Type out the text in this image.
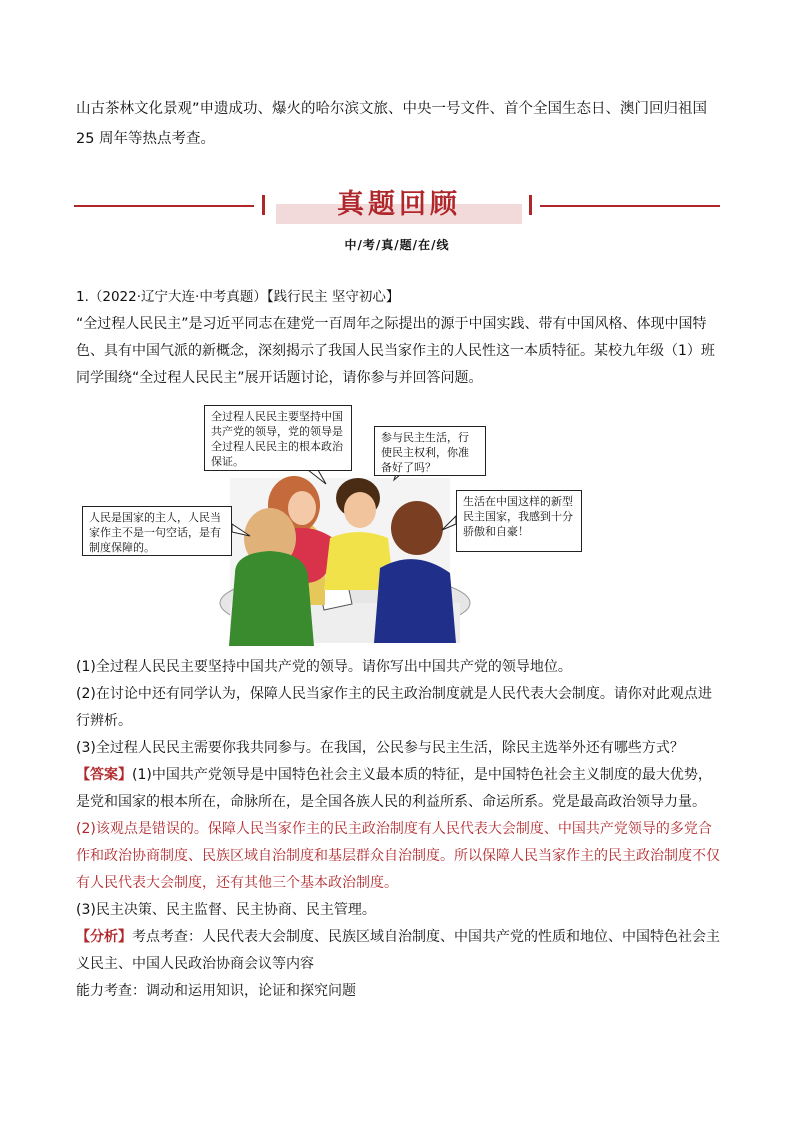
山古茶林文化景观”申遗成功、爆火的哈尔滨文旅、中央一号文件、首个全国生态日、澳门回归祖国 25 周年等热点考查。
真题回顾
中/考/真/题/在/线
1.（2022·辽宁大连·中考真题）【践行民主 坚守初心】
“全过程人民民主”是习近平同志在建党一百周年之际提出的源于中国实践、带有中国风格、体现中国特色、具有中国气派的新概念，深刻揭示了我国人民当家作主的人民性这一本质特征。某校九年级（1）班同学围绕“全过程人民民主”展开话题讨论，请你参与并回答问题。
全过程人民民主要坚持中国共产党的领导，党的领导是全过程人民民主的根本政治保证。
参与民主生活，行使民主权利，你准备好了吗？
人民是国家的主人，人民当家作主不是一句空话，是有制度保障的。
生活在中国这样的新型民主国家，我感到十分骄傲和自豪！
(1)全过程人民民主要坚持中国共产党的领导。请你写出中国共产党的领导地位。
(2)在讨论中还有同学认为，保障人民当家作主的民主政治制度就是人民代表大会制度。请你对此观点进行辨析。
(3)全过程人民民主需要你我共同参与。在我国，公民参与民主生活，除民主选举外还有哪些方式？
【答案】(1)中国共产党领导是中国特色社会主义最本质的特征，是中国特色社会主义制度的最大优势，是党和国家的根本所在，命脉所在，是全国各族人民的利益所系、命运所系。党是最高政治领导力量。
(2)该观点是错误的。保障人民当家作主的民主政治制度有人民代表大会制度、中国共产党领导的多党合作和政治协商制度、民族区域自治制度和基层群众自治制度。所以保障人民当家作主的民主政治制度不仅有人民代表大会制度，还有其他三个基本政治制度。
(3)民主决策、民主监督、民主协商、民主管理。
【分析】考点考查：人民代表大会制度、民族区域自治制度、中国共产党的性质和地位、中国特色社会主义民主、中国人民政治协商会议等内容
能力考查：调动和运用知识，论证和探究问题
